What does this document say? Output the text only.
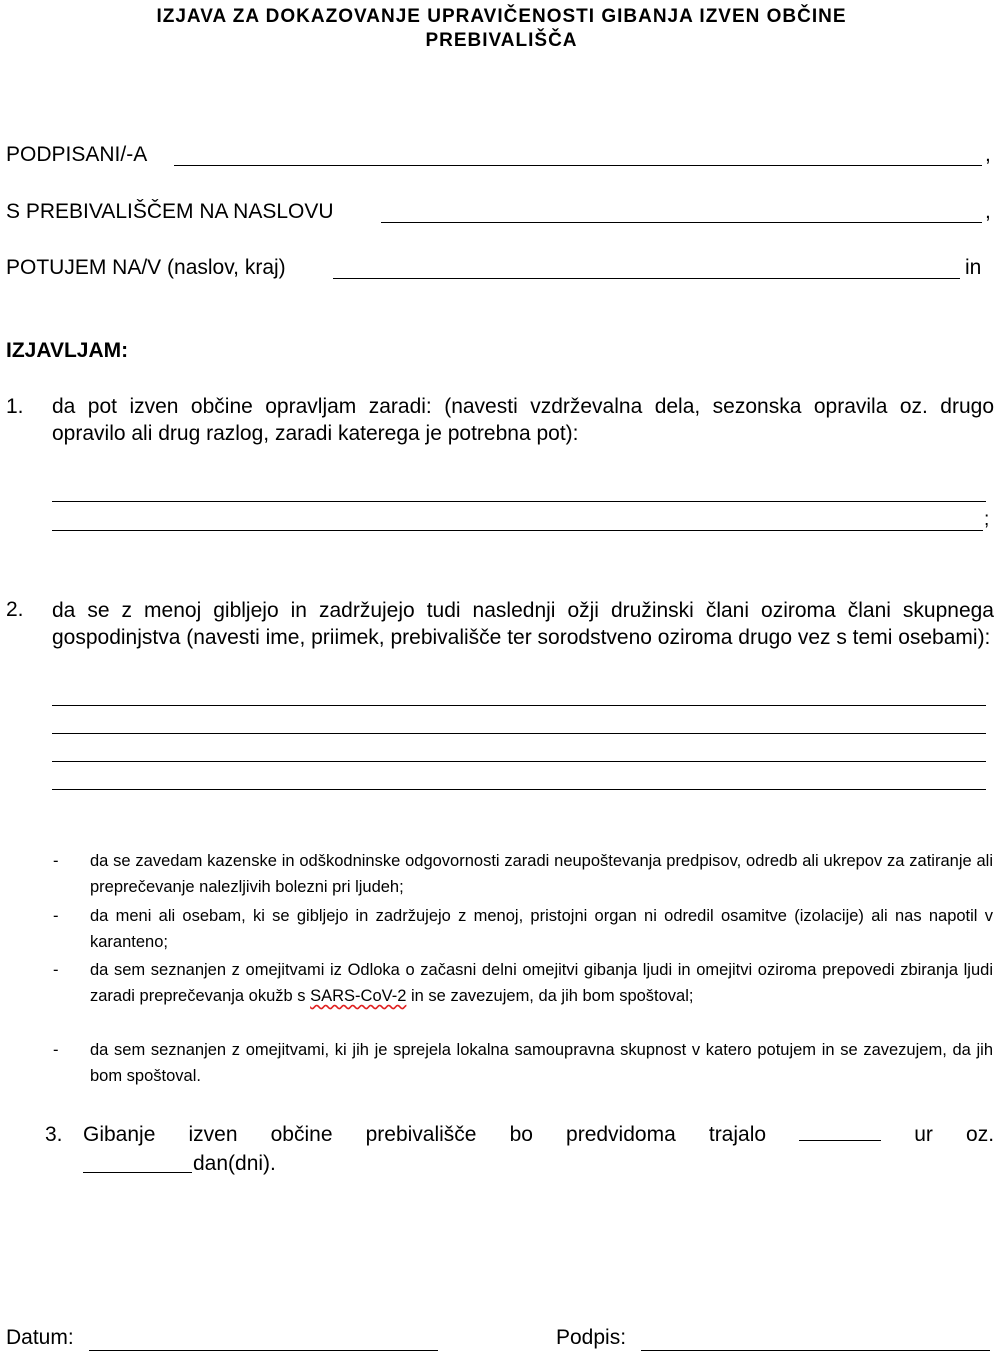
IZJAVA ZA DOKAZOVANJE UPRAVIČENOSTI GIBANJA IZVEN OBČINE
PREBIVALIŠČA
PODPISANI/-A	,
S PREBIVALIŠČEM NA NASLOVU	,
POTUJEM NA/V (naslov, kraj)	in
IZJAVLJAM:
1. da pot izven občine opravljam zaradi: (navesti vzdrževalna dela, sezonska opravila oz. drugo opravilo ali drug razlog, zaradi katerega je potrebna pot):
;
2. da se z menoj gibljejo in zadržujejo tudi naslednji ožji družinski člani oziroma člani skupnega gospodinjstva (navesti ime, priimek, prebivališče ter sorodstveno oziroma drugo vez s temi osebami):
- da se zavedam kazenske in odškodninske odgovornosti zaradi neupoštevanja predpisov, odredb ali ukrepov za zatiranje ali preprečevanje nalezljivih bolezni pri ljudeh;
- da meni ali osebam, ki se gibljejo in zadržujejo z menoj, pristojni organ ni odredil osamitve (izolacije) ali nas napotil v karanteno;
- da sem seznanjen z omejitvami iz Odloka o začasni delni omejitvi gibanja ljudi in omejitvi oziroma prepovedi zbiranja ljudi zaradi preprečevanja okužb s SARS-CoV-2 in se zavezujem, da jih bom spoštoval;
- da sem seznanjen z omejitvami, ki jih je sprejela lokalna samoupravna skupnost v katero potujem in se zavezujem, da jih bom spoštoval.
3. Gibanje izven občine prebivališče bo predvidoma trajalo	ur oz.
dan(dni).
Datum:	Podpis:
